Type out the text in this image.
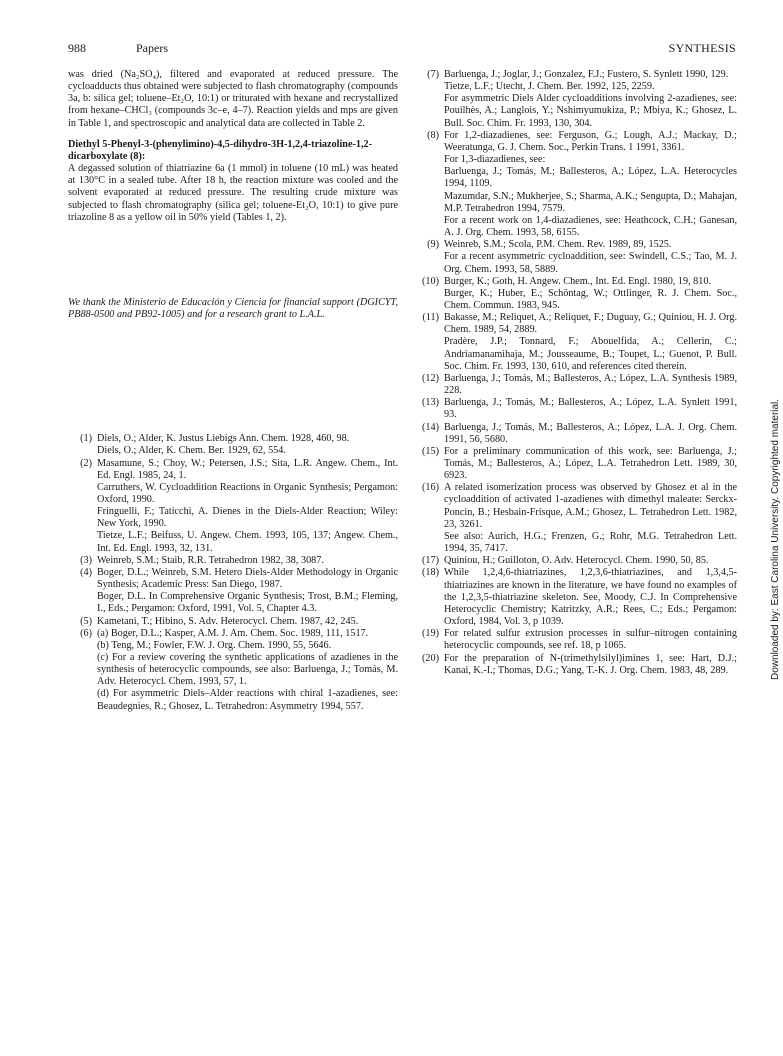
988	Papers	SYNTHESIS

was dried (Na₂SO₄), filtered and evaporated at reduced pressure. The cycloadducts thus obtained were subjected to flash chromatography (compounds 3a, b: silica gel; toluene–Et₂O, 10:1) or triturated with hexane and recrystallized from hexane–CHCl₃ (compounds 3c–e, 4–7). Reaction yields and mps are given in Table 1, and spectroscopic and analytical data are collected in Table 2.

Diethyl 5-Phenyl-3-(phenylimino)-4,5-dihydro-3H-1,2,4-triazoline-1,2-dicarboxylate (8):

A degassed solution of thiatriazine 6a (1 mmol) in toluene (10 mL) was heated at 130°C in a sealed tube. After 18 h, the reaction mixture was cooled and the solvent evaporated at reduced pressure. The resulting crude mixture was subjected to flash chromatography (silica gel; toluene-Et₂O, 10:1) to give pure triazoline 8 as a yellow oil in 50% yield (Tables 1, 2).

We thank the Ministerio de Educación y Ciencia for financial support (DGICYT, PB88-0500 and PB92-1005) and for a research grant to L.A.L.

(1) Diels, O.; Alder, K. Justus Liebigs Ann. Chem. 1928, 460, 98.
Diels, O.; Alder, K. Chem. Ber. 1929, 62, 554.
(2) Masamune, S.; Choy, W.; Petersen, J.S.; Sita, L.R. Angew. Chem., Int. Ed. Engl. 1985, 24, 1.
Carruthers, W. Cycloaddition Reactions in Organic Synthesis; Pergamon: Oxford, 1990.
Fringuelli, F.; Taticchi, A. Dienes in the Diels-Alder Reaction; Wiley: New York, 1990.
Tietze, L.F.; Beifuss, U. Angew. Chem. 1993, 105, 137; Angew. Chem., Int. Ed. Engl. 1993, 32, 131.
(3) Weinreb, S.M.; Staib, R.R. Tetrahedron 1982, 38, 3087.
(4) Boger, D.L.; Weinreb, S.M. Hetero Diels-Alder Methodology in Organic Synthesis; Academic Press: San Diego, 1987.
Boger, D.L. In Comprehensive Organic Synthesis; Trost, B.M.; Fleming, I., Eds.; Pergamon: Oxford, 1991, Vol. 5, Chapter 4.3.
(5) Kametani, T.; Hibino, S. Adv. Heterocycl. Chem. 1987, 42, 245.
(6) (a) Boger, D.L.; Kasper, A.M. J. Am. Chem. Soc. 1989, 111, 1517.
(b) Teng, M.; Fowler, F.W. J. Org. Chem. 1990, 55, 5646.
(c) For a review covering the synthetic applications of azadienes in the synthesis of heterocyclic compounds, see also: Barluenga, J.; Tomás, M. Adv. Heterocycl. Chem. 1993, 57, 1.
(d) For asymmetric Diels–Alder reactions with chiral 1-azadienes, see: Beaudegnies, R.; Ghosez, L. Tetrahedron: Asymmetry 1994, 557.
(7) Barluenga, J.; Joglar, J.; Gonzalez, F.J.; Fustero, S. Synlett 1990, 129.
Tietze, L.F.; Utecht, J. Chem. Ber. 1992, 125, 2259.
For asymmetric Diels Alder cycloadditions involving 2-azadienes, see: Pouilhès, A.; Langlois, Y.; Nshimyumukiza, P.; Mbiya, K.; Ghosez, L. Bull. Soc. Chim. Fr. 1993, 130, 304.
(8) For 1,2-diazadienes, see: Ferguson, G.; Lough, A.J.; Mackay, D.; Weeratunga, G. J. Chem. Soc., Perkin Trans. 1 1991, 3361.
For 1,3-diazadienes, see:
Barluenga, J.; Tomás, M.; Ballesteros, A.; López, L.A. Heterocycles 1994, 1109.
Mazumdar, S.N.; Mukherjee, S.; Sharma, A.K.; Sengupta, D.; Mahajan, M.P. Tetrahedron 1994, 7579.
For a recent work on 1,4-diazadienes, see: Heathcock, C.H.; Ganesan, A. J. Org. Chem. 1993, 58, 6155.
(9) Weinreb, S.M.; Scola, P.M. Chem. Rev. 1989, 89, 1525.
For a recent asymmetric cycloaddition, see: Swindell, C.S.; Tao, M. J. Org. Chem. 1993, 58, 5889.
(10) Burger, K.; Goth, H. Angew. Chem., Int. Ed. Engl. 1980, 19, 810.
Burger, K.; Huber, E.; Schöntag, W.; Ottlinger, R. J. Chem. Soc., Chem. Commun. 1983, 945.
(11) Bakasse, M.; Reliquet, A.; Reliquet, F.; Duguay, G.; Quiniou, H. J. Org. Chem. 1989, 54, 2889.
Pradère, J.P.; Tonnard, F.; Abouelfida, A.; Cellerin, C.; Andriamanamihaja, M.; Jousseaume, B.; Toupet, L.; Guenot, P. Bull. Soc. Chim. Fr. 1993, 130, 610, and references cited therein.
(12) Barluenga, J.; Tomás, M.; Ballesteros, A.; López, L.A. Synthesis 1989, 228.
(13) Barluenga, J.; Tomás, M.; Ballesteros, A.; López, L.A. Synlett 1991, 93.
(14) Barluenga, J.; Tomás, M.; Ballesteros, A.; López, L.A. J. Org. Chem. 1991, 56, 5680.
(15) For a preliminary communication of this work, see: Barluenga, J.; Tomás, M.; Ballesteros, A.; López, L.A. Tetrahedron Lett. 1989, 30, 6923.
(16) A related isomerization process was observed by Ghosez et al in the cycloaddition of activated 1-azadienes with dimethyl maleate: Serckx-Poncin, B.; Hesbain-Frisque, A.M.; Ghosez, L. Tetrahedron Lett. 1982, 23, 3261.
See also: Aurich, H.G.; Frenzen, G.; Rohr, M.G. Tetrahedron Lett. 1994, 35, 7417.
(17) Quiniou, H.; Guilloton, O. Adv. Heterocycl. Chem. 1990, 50, 85.
(18) While 1,2,4,6-thiatriazines, 1,2,3,6-thiatriazines, and 1,3,4,5-thiatriazines are known in the literature, we have found no examples of the 1,2,3,5-thiatriazine skeleton. See, Moody, C.J. In Comprehensive Heterocyclic Chemistry; Katritzky, A.R.; Rees, C.; Eds.; Pergamon: Oxford, 1984, Vol. 3, p 1039.
(19) For related sulfur extrusion processes in sulfur–nitrogen containing heterocyclic compounds, see ref. 18, p 1065.
(20) For the preparation of N-(trimethylsilyl)imines 1, see: Hart, D.J.; Kanai, K.-I.; Thomas, D.G.; Yang, T.-K. J. Org. Chem. 1983, 48, 289.	Downloaded by: East Carolina University. Copyrighted material.
